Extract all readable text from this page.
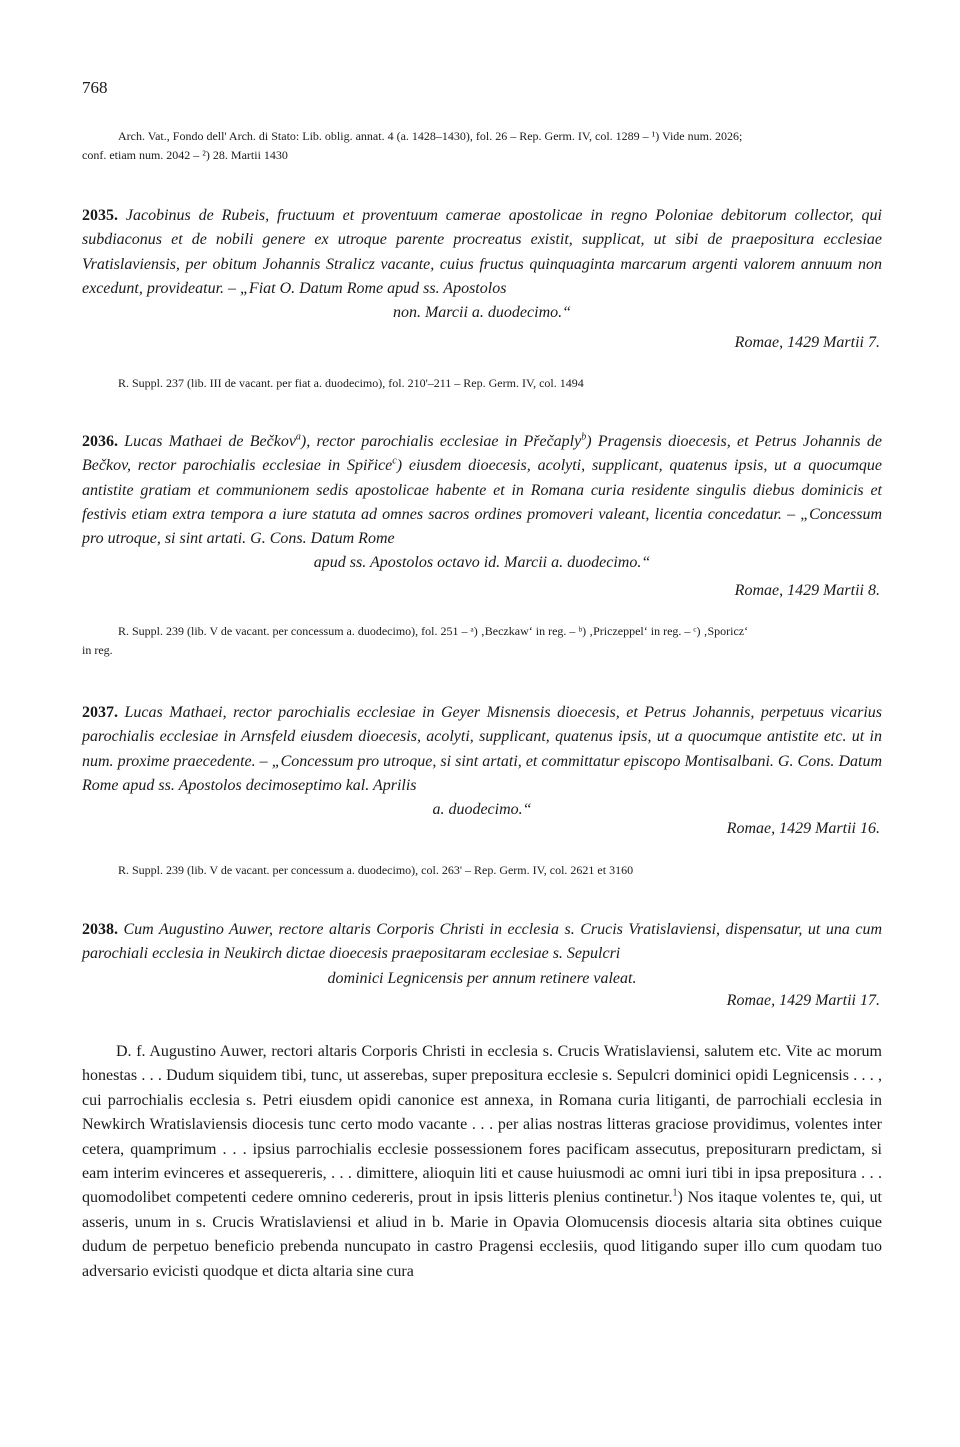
768
Arch. Vat., Fondo dell' Arch. di Stato: Lib. oblig. annat. 4 (a. 1428–1430), fol. 26 – Rep. Germ. IV, col. 1289 – ¹) Vide num. 2026;
conf. etiam num. 2042 – ²) 28. Martii 1430
2035. Jacobinus de Rubeis, fructuum et proventuum camerae apostolicae in regno Poloniae debitorum collector, qui subdiaconus et de nobili genere ex utroque parente procreatus existit, supplicat, ut sibi de praepositura ecclesiae Vratislaviensis, per obitum Johannis Stralicz vacante, cuius fructus quinquaginta marcarum argenti valorem annuum non excedunt, provideatur. – „Fiat O. Datum Rome apud ss. Apostolos
non. Marcii a. duodecimo.“
Romae, 1429 Martii 7.
R. Suppl. 237 (lib. III de vacant. per fiat a. duodecimo), fol. 210'–211 – Rep. Germ. IV, col. 1494
2036. Lucas Mathaei de Bečkov$^a$), rector parochialis ecclesiae in Přečaply$^b$) Pragensis dioecesis, et Petrus Johannis de Bečkov, rector parochialis ecclesiae in Spiřice$^c$) eiusdem dioecesis, acolyti, supplicant, quatenus ipsis, ut a quocumque antistite gratiam et communionem sedis apostolicae habente et in Romana curia residente singulis diebus dominicis et festivis etiam extra tempora a iure statuta ad omnes sacros ordines promoveri valeant, licentia concedatur. – „Concessum pro utroque, si sint artati. G. Cons. Datum Rome
apud ss. Apostolos octavo id. Marcii a. duodecimo.“
Romae, 1429 Martii 8.
R. Suppl. 239 (lib. V de vacant. per concessum a. duodecimo), fol. 251 – ᵃ) ‚Beczkaw‘ in reg. – ᵇ) ‚Priczeppel‘ in reg. – ᶜ) ‚Sporicz‘
in reg.
2037. Lucas Mathaei, rector parochialis ecclesiae in Geyer Misnensis dioecesis, et Petrus Johannis, perpetuus vicarius parochialis ecclesiae in Arnsfeld eiusdem dioecesis, acolyti, supplicant, quatenus ipsis, ut a quocumque antistite etc. ut in num. proxime praecedente. – „Concessum pro utroque, si sint artati, et committatur episcopo Montisalbani. G. Cons. Datum Rome apud ss. Apostolos decimoseptimo kal. Aprilis
a. duodecimo.“
Romae, 1429 Martii 16.
R. Suppl. 239 (lib. V de vacant. per concessum a. duodecimo), col. 263' – Rep. Germ. IV, col. 2621 et 3160
2038. Cum Augustino Auwer, rectore altaris Corporis Christi in ecclesia s. Crucis Vratislaviensi, dispensatur, ut una cum parochiali ecclesia in Neukirch dictae dioecesis praepositaram ecclesiae s. Sepulcri
dominici Legnicensis per annum retinere valeat.
Romae, 1429 Martii 17.
D. f. Augustino Auwer, rectori altaris Corporis Christi in ecclesia s. Crucis Wratislaviensi, salutem etc. Vite ac morum honestas . . . Dudum siquidem tibi, tunc, ut asserebas, super prepositura ecclesie s. Sepulcri dominici opidi Legnicensis . . . , cui parrochialis ecclesia s. Petri eiusdem opidi canonice est annexa, in Romana curia litiganti, de parrochiali ecclesia in Newkirch Wratislaviensis diocesis tunc certo modo vacante . . . per alias nostras litteras graciose providimus, volentes inter cetera, quamprimum . . . ipsius parrochialis ecclesie possessionem fores pacificam assecutus, prepositurarn predictam, si eam interim evinceres et assequereris, . . . dimittere, alioquin liti et cause huiusmodi ac omni iuri tibi in ipsa prepositura . . . quomodolibet competenti cedere omnino cedereris, prout in ipsis litteris plenius continetur.$^1$) Nos itaque volentes te, qui, ut asseris, unum in s. Crucis Wratislaviensi et aliud in b. Marie in Opavia Olomucensis diocesis altaria sita obtines cuique dudum de perpetuo beneficio prebenda nuncupato in castro Pragensi ecclesiis, quod litigando super illo cum quodam tuo adversario evicisti quodque et dicta altaria sine cura
